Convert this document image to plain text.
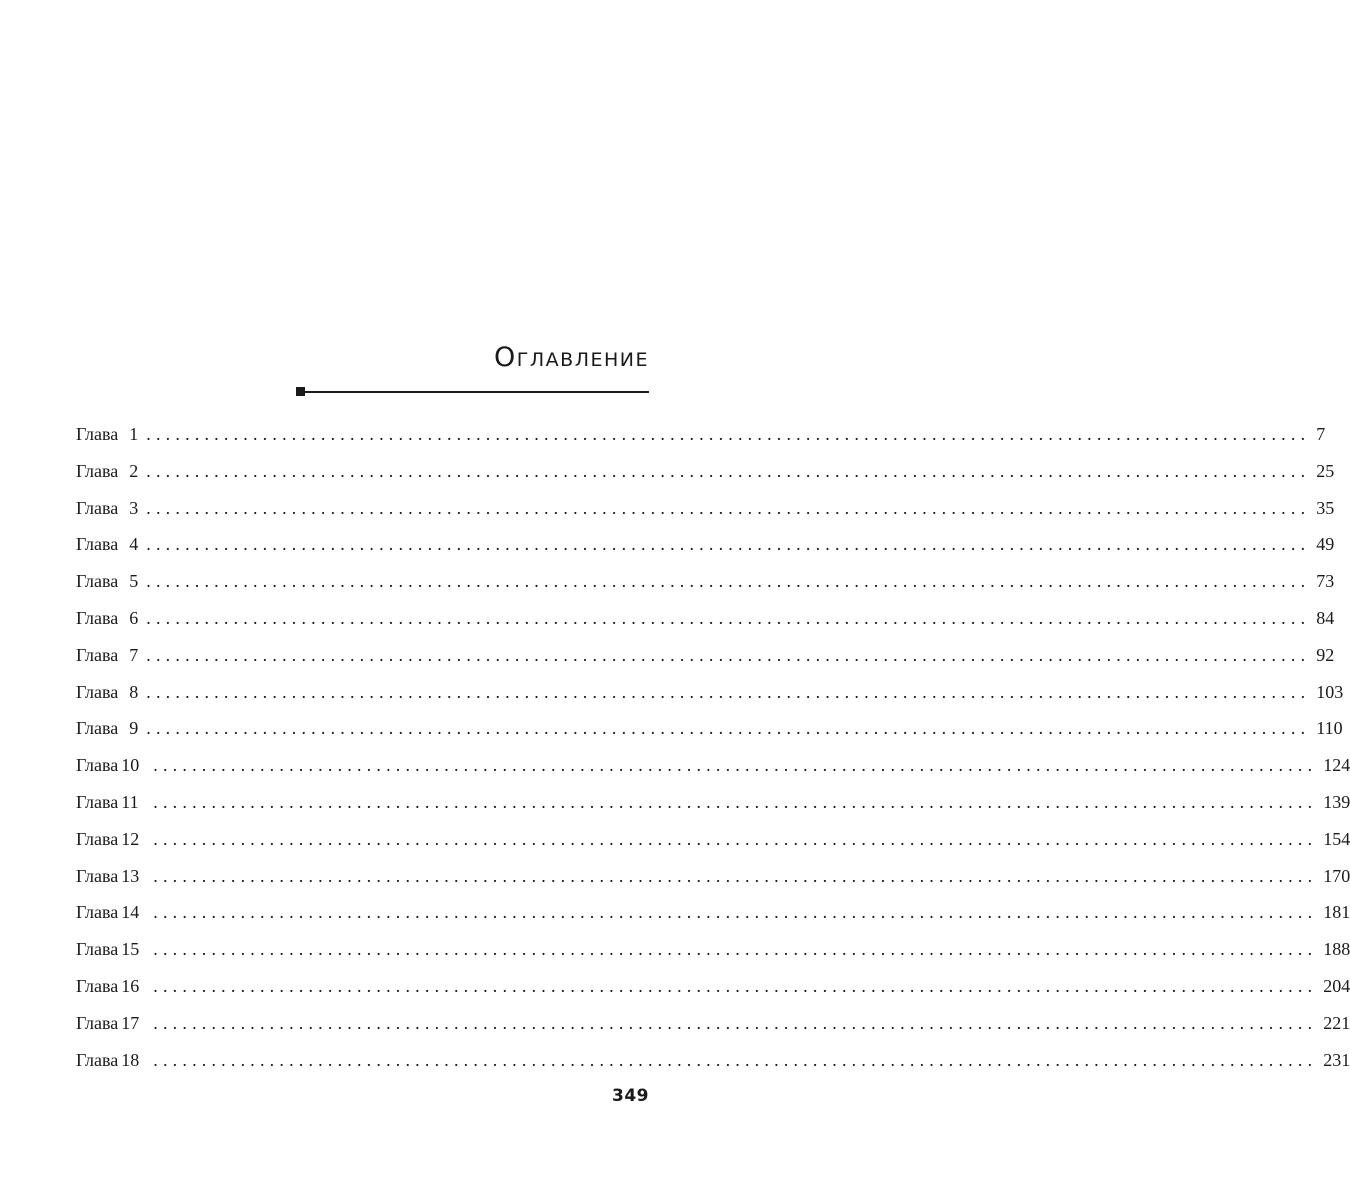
Оглавление
Глава 1 ........................................................................................................................ 7
Глава 2 ........................................................................................................................ 25
Глава 3 ........................................................................................................................ 35
Глава 4 ........................................................................................................................ 49
Глава 5 ........................................................................................................................ 73
Глава 6 ........................................................................................................................ 84
Глава 7 ........................................................................................................................ 92
Глава 8 ........................................................................................................................ 103
Глава 9 ........................................................................................................................ 110
Глава 10 ........................................................................................................................ 124
Глава 11 ........................................................................................................................ 139
Глава 12 ........................................................................................................................ 154
Глава 13 ........................................................................................................................ 170
Глава 14 ........................................................................................................................ 181
Глава 15 ........................................................................................................................ 188
Глава 16 ........................................................................................................................ 204
Глава 17 ........................................................................................................................ 221
Глава 18 ........................................................................................................................ 231
349
